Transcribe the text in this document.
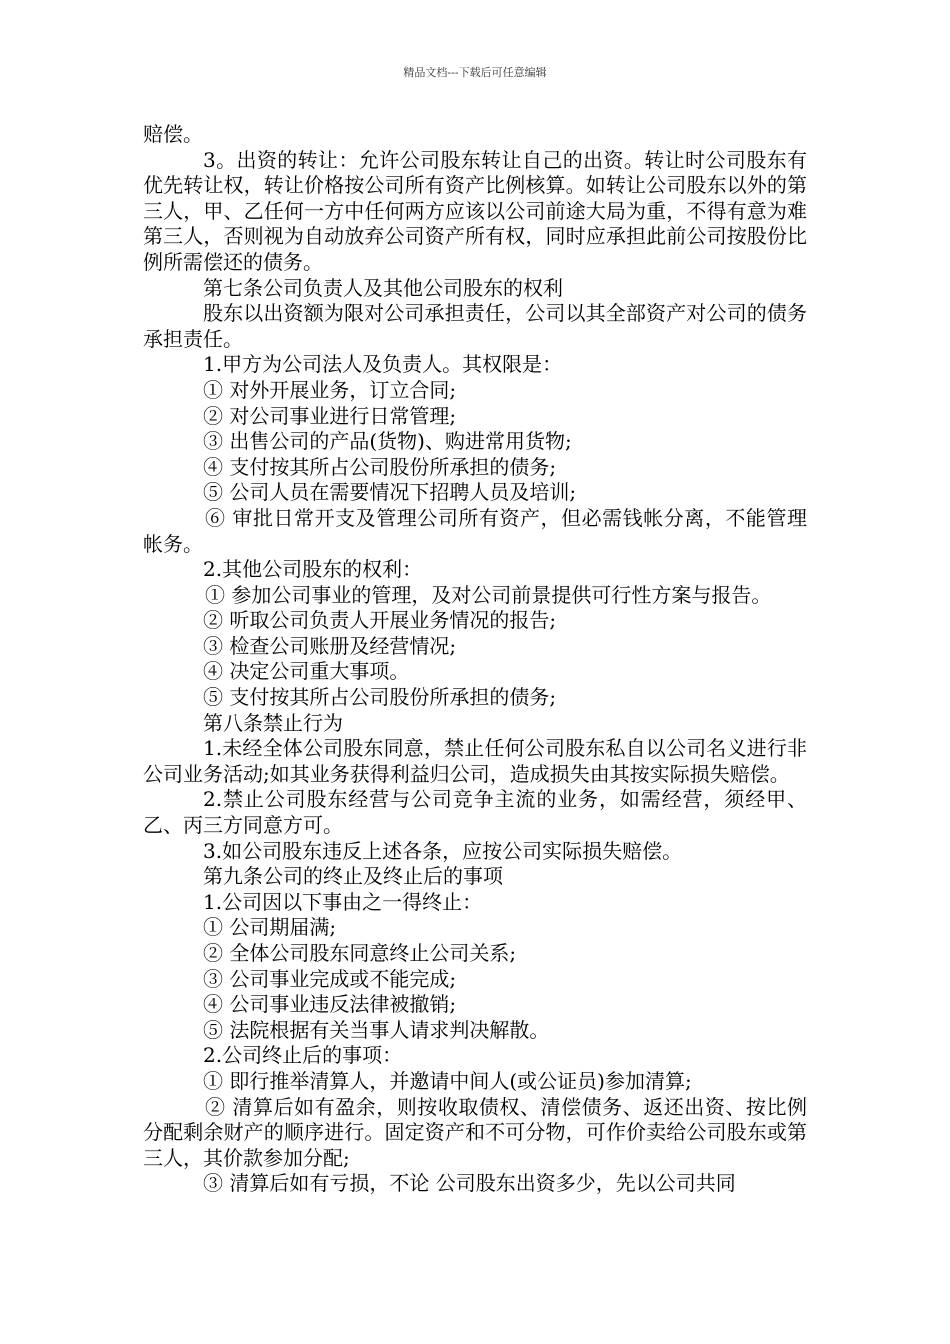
精品文档---下载后可任意编辑

赔偿。

3。出资的转让：允许公司股东转让自己的出资。转让时公司股东有优先转让权，转让价格按公司所有资产比例核算。如转让公司股东以外的第三人，甲、乙任何一方中任何两方应该以公司前途大局为重，不得有意为难第三人，否则视为自动放弃公司资产所有权，同时应承担此前公司按股份比例所需偿还的债务。

第七条公司负责人及其他公司股东的权利

股东以出资额为限对公司承担责任，公司以其全部资产对公司的债务承担责任。

1.甲方为公司法人及负责人。其权限是：

① 对外开展业务，订立合同;

② 对公司事业进行日常管理;

③ 出售公司的产品(货物)、购进常用货物;

④ 支付按其所占公司股份所承担的债务;

⑤ 公司人员在需要情况下招聘人员及培训;

⑥ 审批日常开支及管理公司所有资产，但必需钱帐分离，不能管理帐务。

2.其他公司股东的权利：

① 参加公司事业的管理，及对公司前景提供可行性方案与报告。

② 听取公司负责人开展业务情况的报告;

③ 检查公司账册及经营情况;

④ 决定公司重大事项。

⑤ 支付按其所占公司股份所承担的债务;

第八条禁止行为

1.未经全体公司股东同意，禁止任何公司股东私自以公司名义进行非公司业务活动;如其业务获得利益归公司，造成损失由其按实际损失赔偿。

2.禁止公司股东经营与公司竞争主流的业务，如需经营，须经甲、乙、丙三方同意方可。

3.如公司股东违反上述各条，应按公司实际损失赔偿。

第九条公司的终止及终止后的事项

1.公司因以下事由之一得终止：

① 公司期届满;

② 全体公司股东同意终止公司关系;

③ 公司事业完成或不能完成;

④ 公司事业违反法律被撤销;

⑤ 法院根据有关当事人请求判决解散。

2.公司终止后的事项：

① 即行推举清算人，并邀请中间人(或公证员)参加清算;

② 清算后如有盈余，则按收取债权、清偿债务、返还出资、按比例分配剩余财产的顺序进行。固定资产和不可分物，可作价卖给公司股东或第三人，其价款参加分配;

③ 清算后如有亏损，不论 公司股东出资多少，先以公司共同
